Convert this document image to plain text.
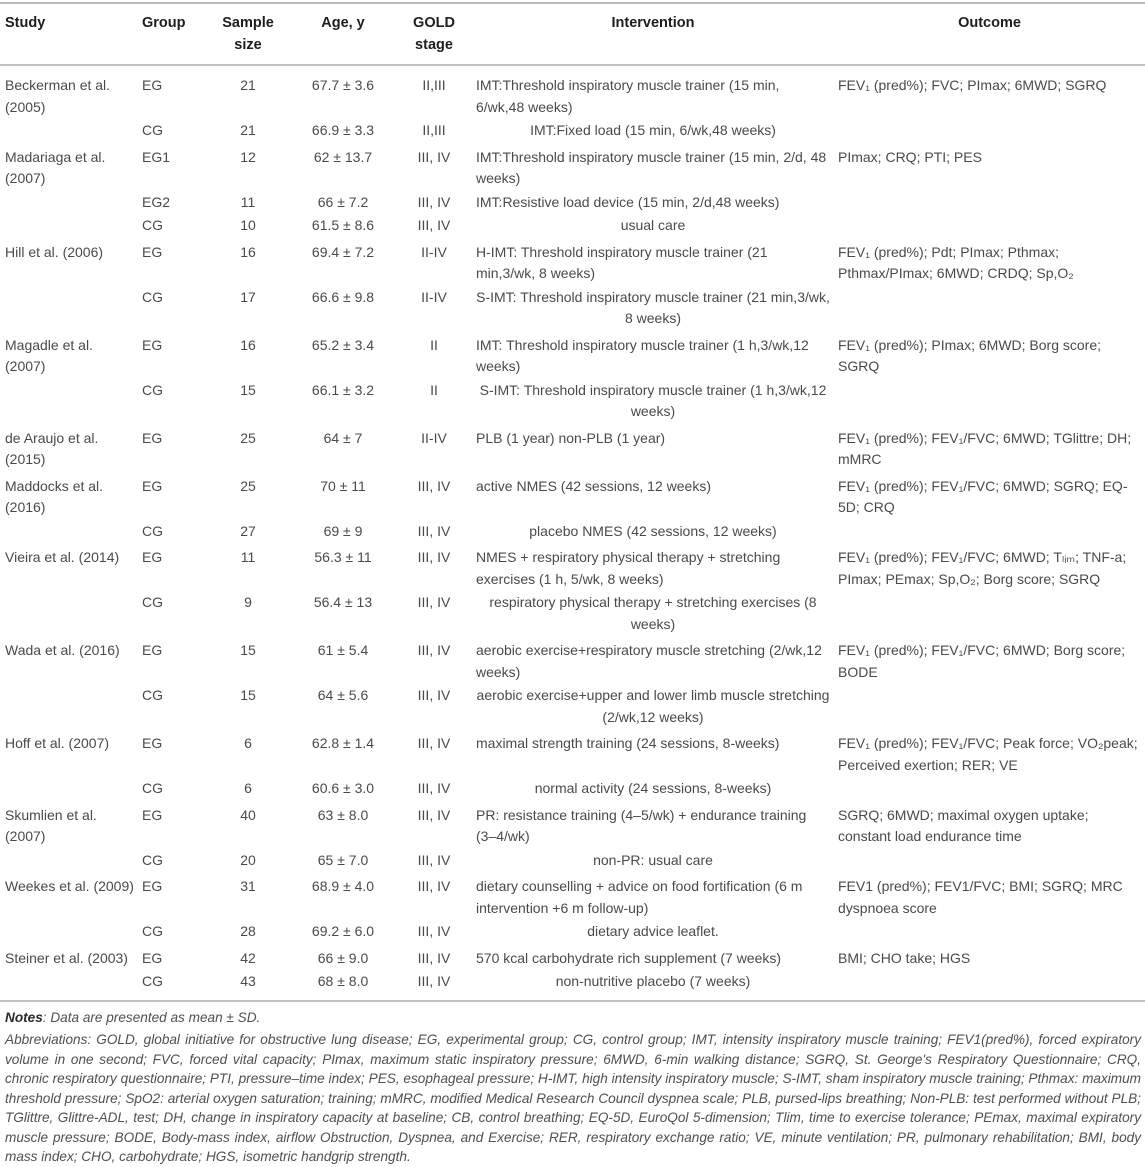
Study	Group	Sample size	Age, y	GOLD stage	Intervention	Outcome
Beckerman et al. (2005)	EG	21	67.7 ± 3.6	II,III	IMT:Threshold inspiratory muscle trainer (15 min, 6/wk,48 weeks)	FEV₁ (pred%); FVC; PImax; 6MWD; SGRQ
	CG	21	66.9 ± 3.3	II,III	IMT:Fixed load (15 min, 6/wk,48 weeks)	
Madariaga et al. (2007)	EG1	12	62 ± 13.7	III, IV	IMT:Threshold inspiratory muscle trainer (15 min, 2/d, 48 weeks)	PImax; CRQ; PTI; PES
	EG2	11	66 ± 7.2	III, IV	IMT:Resistive load device (15 min, 2/d,48 weeks)	
	CG	10	61.5 ± 8.6	III, IV	usual care	
Hill et al. (2006)	EG	16	69.4 ± 7.2	II-IV	H-IMT: Threshold inspiratory muscle trainer (21 min,3/wk, 8 weeks)	FEV₁ (pred%); Pdt; PImax; Pthmax; Pthmax/PImax; 6MWD; CRDQ; Sp,O₂
	CG	17	66.6 ± 9.8	II-IV	S-IMT: Threshold inspiratory muscle trainer (21 min,3/wk, 8 weeks)	
Magadle et al. (2007)	EG	16	65.2 ± 3.4	II	IMT: Threshold inspiratory muscle trainer (1 h,3/wk,12 weeks)	FEV₁ (pred%); PImax; 6MWD; Borg score; SGRQ
	CG	15	66.1 ± 3.2	II	S-IMT: Threshold inspiratory muscle trainer (1 h,3/wk,12 weeks)	
de Araujo et al. (2015)	EG	25	64 ± 7	II-IV	PLB (1 year) non-PLB (1 year)	FEV₁ (pred%); FEV₁/FVC; 6MWD; TGlittre; DH; mMRC
Maddocks et al. (2016)	EG	25	70 ± 11	III, IV	active NMES (42 sessions, 12 weeks)	FEV₁ (pred%); FEV₁/FVC; 6MWD; SGRQ; EQ-5D; CRQ
	CG	27	69 ± 9	III, IV	placebo NMES (42 sessions, 12 weeks)	
Vieira et al. (2014)	EG	11	56.3 ± 11	III, IV	NMES + respiratory physical therapy + stretching exercises (1 h, 5/wk, 8 weeks)	FEV₁ (pred%); FEV₁/FVC; 6MWD; Tₗᵢₘ; TNF-a; PImax; PEmax; Sp,O₂; Borg score; SGRQ
	CG	9	56.4 ± 13	III, IV	respiratory physical therapy + stretching exercises (8 weeks)	
Wada et al. (2016)	EG	15	61 ± 5.4	III, IV	aerobic exercise+respiratory muscle stretching (2/wk,12 weeks)	FEV₁ (pred%); FEV₁/FVC; 6MWD; Borg score; BODE
	CG	15	64 ± 5.6	III, IV	aerobic exercise+upper and lower limb muscle stretching (2/wk,12 weeks)	
Hoff et al. (2007)	EG	6	62.8 ± 1.4	III, IV	maximal strength training (24 sessions, 8-weeks)	FEV₁ (pred%); FEV₁/FVC; Peak force; VO₂peak; Perceived exertion; RER; VE
	CG	6	60.6 ± 3.0	III, IV	normal activity (24 sessions, 8-weeks)	
Skumlien et al. (2007)	EG	40	63 ± 8.0	III, IV	PR: resistance training (4–5/wk) + endurance training (3–4/wk)	SGRQ; 6MWD; maximal oxygen uptake; constant load endurance time
	CG	20	65 ± 7.0	III, IV	non-PR: usual care	
Weekes et al. (2009)	EG	31	68.9 ± 4.0	III, IV	dietary counselling + advice on food fortification (6 m intervention +6 m follow-up)	FEV1 (pred%); FEV1/FVC; BMI; SGRQ; MRC dyspnoea score
	CG	28	69.2 ± 6.0	III, IV	dietary advice leaflet.	
Steiner et al. (2003)	EG	42	66 ± 9.0	III, IV	570 kcal carbohydrate rich supplement (7 weeks)	BMI; CHO take; HGS
	CG	43	68 ± 8.0	III, IV	non-nutritive placebo (7 weeks)	

Notes: Data are presented as mean ± SD.

Abbreviations: GOLD, global initiative for obstructive lung disease; EG, experimental group; CG, control group; IMT, intensity inspiratory muscle training; FEV1(pred%), forced expiratory volume in one second; FVC, forced vital capacity; PImax, maximum static inspiratory pressure; 6MWD, 6-min walking distance; SGRQ, St. George's Respiratory Questionnaire; CRQ, chronic respiratory questionnaire; PTI, pressure–time index; PES, esophageal pressure; H-IMT, high intensity inspiratory muscle; S-IMT, sham inspiratory muscle training; Pthmax: maximum threshold pressure; SpO2: arterial oxygen saturation; training; mMRC, modified Medical Research Council dyspnea scale; PLB, pursed-lips breathing; Non-PLB: test performed without PLB; TGlittre, Glittre-ADL, test; DH, change in inspiratory capacity at baseline; CB, control breathing; EQ-5D, EuroQol 5-dimension; Tlim, time to exercise tolerance; PEmax, maximal expiratory muscle pressure; BODE, Body-mass index, airflow Obstruction, Dyspnea, and Exercise; RER, respiratory exchange ratio; VE, minute ventilation; PR, pulmonary rehabilitation; BMI, body mass index; CHO, carbohydrate; HGS, isometric handgrip strength.
